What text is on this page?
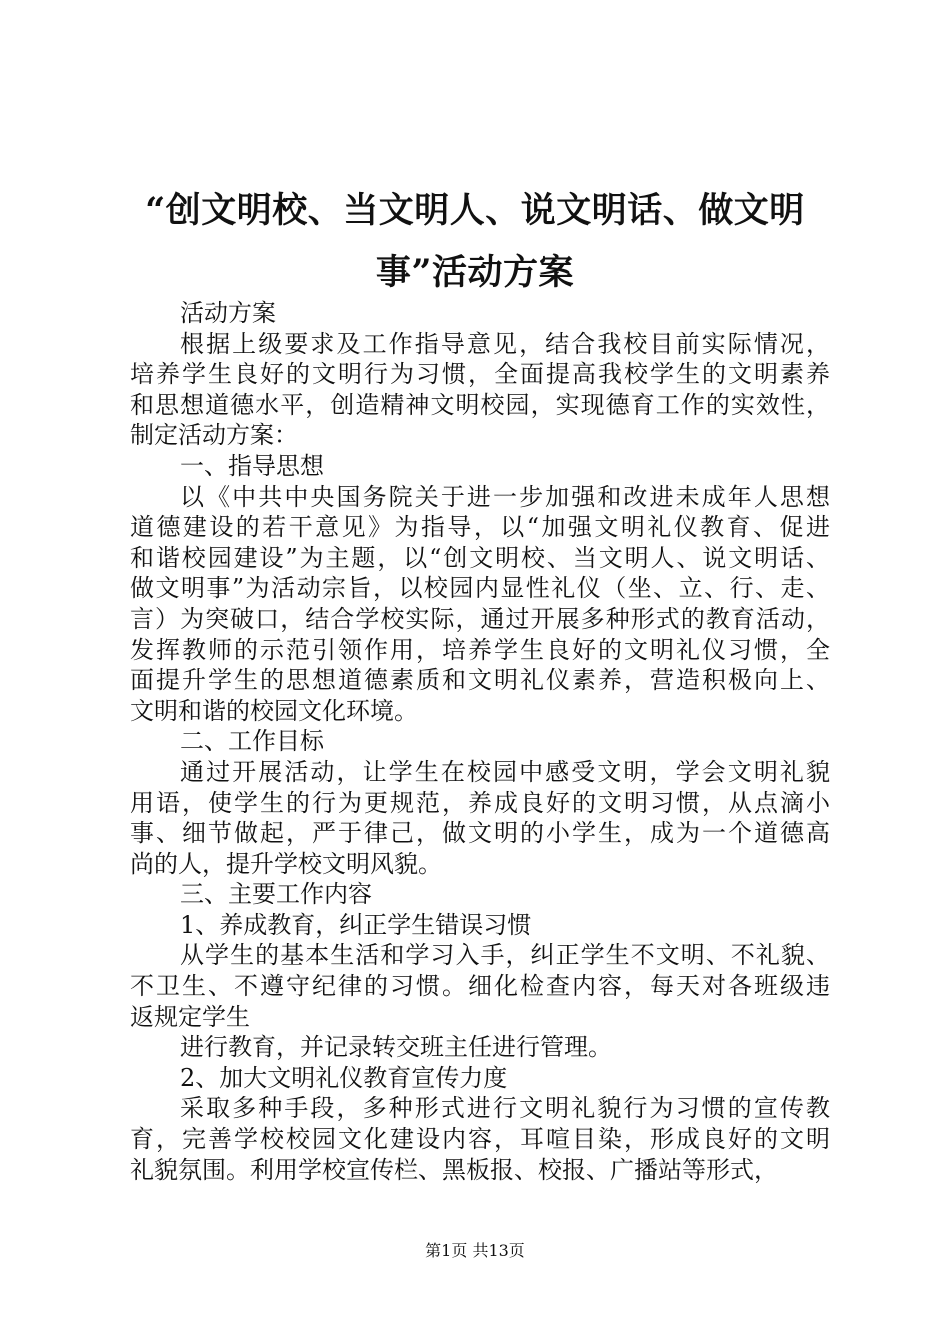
“创文明校、当文明人、说文明话、做文明
事”活动方案
活动方案
根据上级要求及工作指导意见，结合我校目前实际情况，
培养学生良好的文明行为习惯，全面提高我校学生的文明素养
和思想道德水平，创造精神文明校园，实现德育工作的实效性，
制定活动方案：
一、指导思想
以《中共中央国务院关于进一步加强和改进未成年人思想
道德建设的若干意见》为指导，以“加强文明礼仪教育、促进
和谐校园建设”为主题，以“创文明校、当文明人、说文明话、
做文明事”为活动宗旨，以校园内显性礼仪（坐、立、行、走、
言）为突破口，结合学校实际，通过开展多种形式的教育活动，
发挥教师的示范引领作用，培养学生良好的文明礼仪习惯，全
面提升学生的思想道德素质和文明礼仪素养，营造积极向上、
文明和谐的校园文化环境。
二、工作目标
通过开展活动，让学生在校园中感受文明，学会文明礼貌
用语，使学生的行为更规范，养成良好的文明习惯，从点滴小
事、细节做起，严于律己，做文明的小学生，成为一个道德高
尚的人，提升学校文明风貌。
三、主要工作内容
1、养成教育，纠正学生错误习惯
从学生的基本生活和学习入手，纠正学生不文明、不礼貌、
不卫生、不遵守纪律的习惯。细化检查内容，每天对各班级违
返规定学生
进行教育，并记录转交班主任进行管理。
2、加大文明礼仪教育宣传力度
采取多种手段，多种形式进行文明礼貌行为习惯的宣传教
育，完善学校校园文化建设内容，耳喧目染，形成良好的文明
礼貌氛围。利用学校宣传栏、黑板报、校报、广播站等形式，
第1页 共13页
